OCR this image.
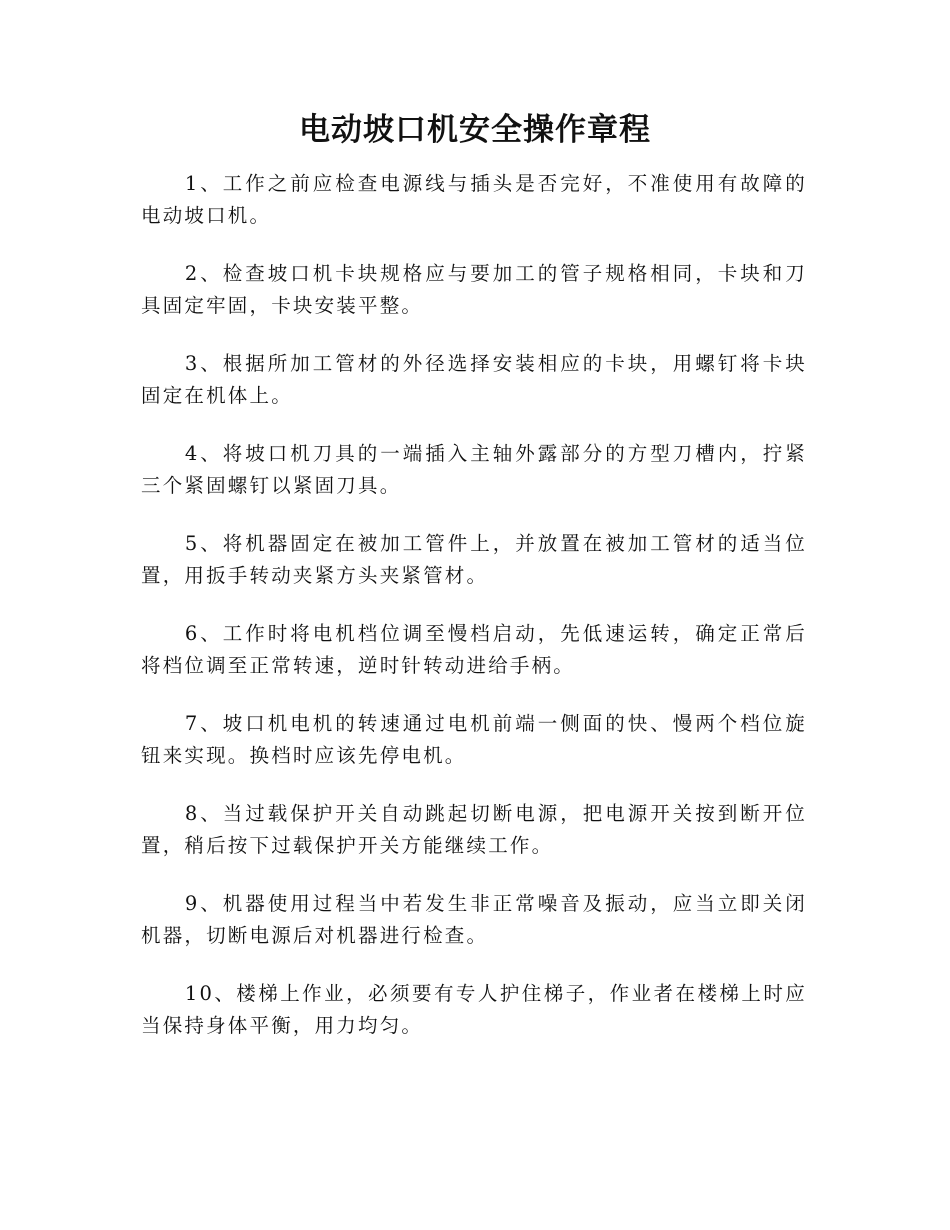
电动坡口机安全操作章程
1、工作之前应检查电源线与插头是否完好，不准使用有故障的电动坡口机。
2、检查坡口机卡块规格应与要加工的管子规格相同，卡块和刀具固定牢固，卡块安装平整。
3、根据所加工管材的外径选择安装相应的卡块，用螺钉将卡块固定在机体上。
4、将坡口机刀具的一端插入主轴外露部分的方型刀槽内，拧紧三个紧固螺钉以紧固刀具。
5、将机器固定在被加工管件上，并放置在被加工管材的适当位置，用扳手转动夹紧方头夹紧管材。
6、工作时将电机档位调至慢档启动，先低速运转，确定正常后将档位调至正常转速，逆时针转动进给手柄。
7、坡口机电机的转速通过电机前端一侧面的快、慢两个档位旋钮来实现。换档时应该先停电机。
8、当过载保护开关自动跳起切断电源，把电源开关按到断开位置，稍后按下过载保护开关方能继续工作。
9、机器使用过程当中若发生非正常噪音及振动，应当立即关闭机器，切断电源后对机器进行检查。
10、楼梯上作业，必须要有专人护住梯子，作业者在楼梯上时应当保持身体平衡，用力均匀。
